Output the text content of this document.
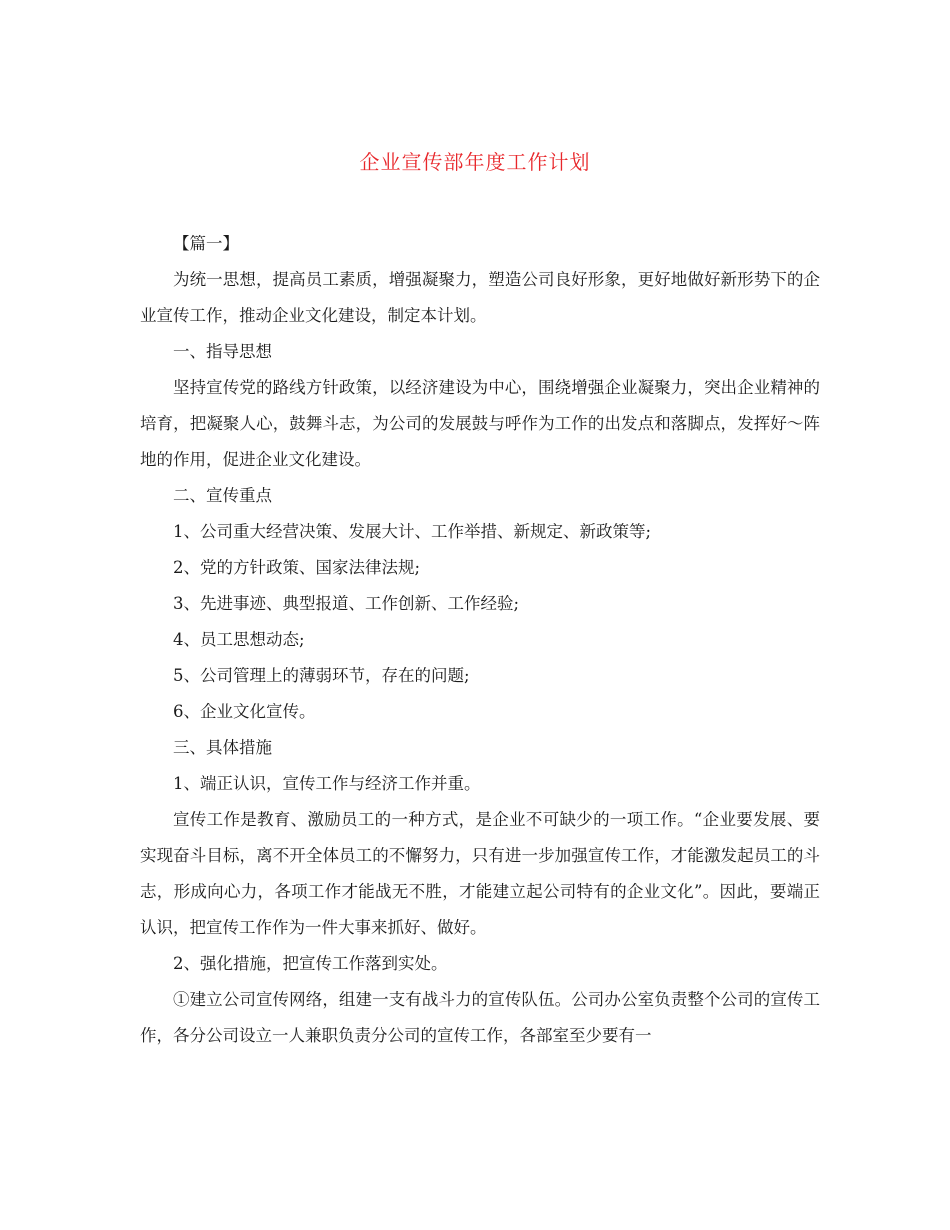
企业宣传部年度工作计划

【篇一】

为统一思想，提高员工素质，增强凝聚力，塑造公司良好形象，更好地做好新形势下的企业宣传工作，推动企业文化建设，制定本计划。

一、指导思想

坚持宣传党的路线方针政策，以经济建设为中心，围绕增强企业凝聚力，突出企业精神的培育，把凝聚人心，鼓舞斗志，为公司的发展鼓与呼作为工作的出发点和落脚点，发挥好～阵地的作用，促进企业文化建设。

二、宣传重点

1、公司重大经营决策、发展大计、工作举措、新规定、新政策等;

2、党的方针政策、国家法律法规;

3、先进事迹、典型报道、工作创新、工作经验;

4、员工思想动态;

5、公司管理上的薄弱环节，存在的问题;

6、企业文化宣传。

三、具体措施

1、端正认识，宣传工作与经济工作并重。

宣传工作是教育、激励员工的一种方式，是企业不可缺少的一项工作。“企业要发展、要实现奋斗目标，离不开全体员工的不懈努力，只有进一步加强宣传工作，才能激发起员工的斗志，形成向心力，各项工作才能战无不胜，才能建立起公司特有的企业文化”。因此，要端正认识，把宣传工作作为一件大事来抓好、做好。

2、强化措施，把宣传工作落到实处。

①建立公司宣传网络，组建一支有战斗力的宣传队伍。公司办公室负责整个公司的宣传工作，各分公司设立一人兼职负责分公司的宣传工作，各部室至少要有一
